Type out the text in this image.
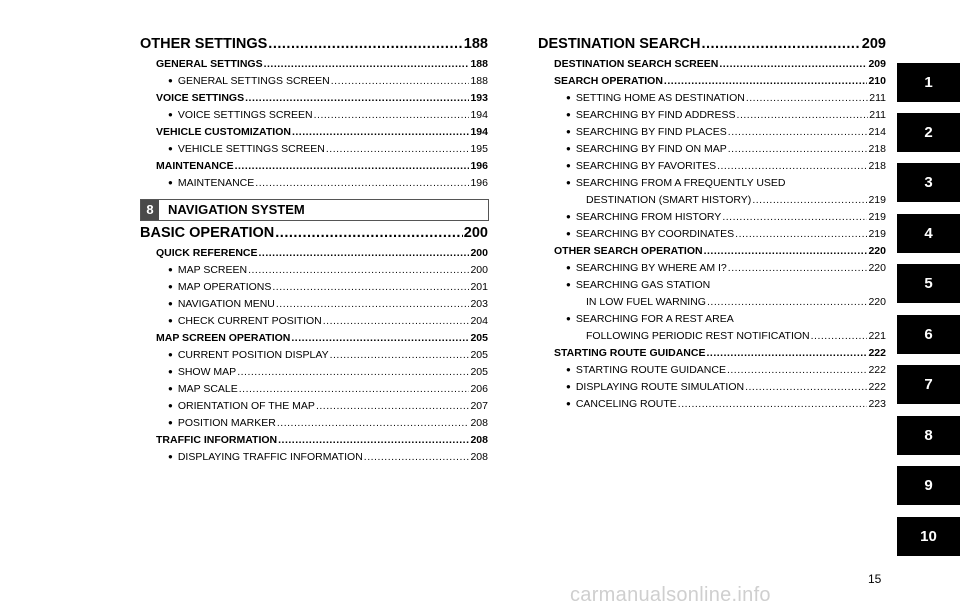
OTHER SETTINGS .....	188
GENERAL SETTINGS .....	188
● GENERAL SETTINGS SCREEN .....	188
VOICE SETTINGS .....	193
● VOICE SETTINGS SCREEN .....	194
VEHICLE CUSTOMIZATION .....	194
● VEHICLE SETTINGS SCREEN .....	195
MAINTENANCE .....	196
● MAINTENANCE .....	196
8	NAVIGATION SYSTEM
BASIC OPERATION .....	200
QUICK REFERENCE .....	200
● MAP SCREEN .....	200
● MAP OPERATIONS .....	201
● NAVIGATION MENU .....	203
● CHECK CURRENT POSITION .....	204
MAP SCREEN OPERATION .....	205
● CURRENT POSITION DISPLAY .....	205
● SHOW MAP .....	205
● MAP SCALE .....	206
● ORIENTATION OF THE MAP .....	207
● POSITION MARKER .....	208
TRAFFIC INFORMATION .....	208
● DISPLAYING TRAFFIC INFORMATION .....	208
DESTINATION SEARCH .....	209
DESTINATION SEARCH SCREEN .....	209
SEARCH OPERATION .....	210
● SETTING HOME AS DESTINATION .....	211
● SEARCHING BY FIND ADDRESS .....	211
● SEARCHING BY FIND PLACES .....	214
● SEARCHING BY FIND ON MAP .....	218
● SEARCHING BY FAVORITES .....	218
● SEARCHING FROM A FREQUENTLY USED
DESTINATION (SMART HISTORY) .....	219
● SEARCHING FROM HISTORY .....	219
● SEARCHING BY COORDINATES .....	219
OTHER SEARCH OPERATION .....	220
● SEARCHING BY WHERE AM I? .....	220
● SEARCHING GAS STATION
IN LOW FUEL WARNING .....	220
● SEARCHING FOR A REST AREA
FOLLOWING PERIODIC REST NOTIFICATION .....	221
STARTING ROUTE GUIDANCE .....	222
● STARTING ROUTE GUIDANCE .....	222
● DISPLAYING ROUTE SIMULATION .....	222
● CANCELING ROUTE .....	223
1
2
3
4
5
6
7
8
9
10
15
carmanualsonline.info
